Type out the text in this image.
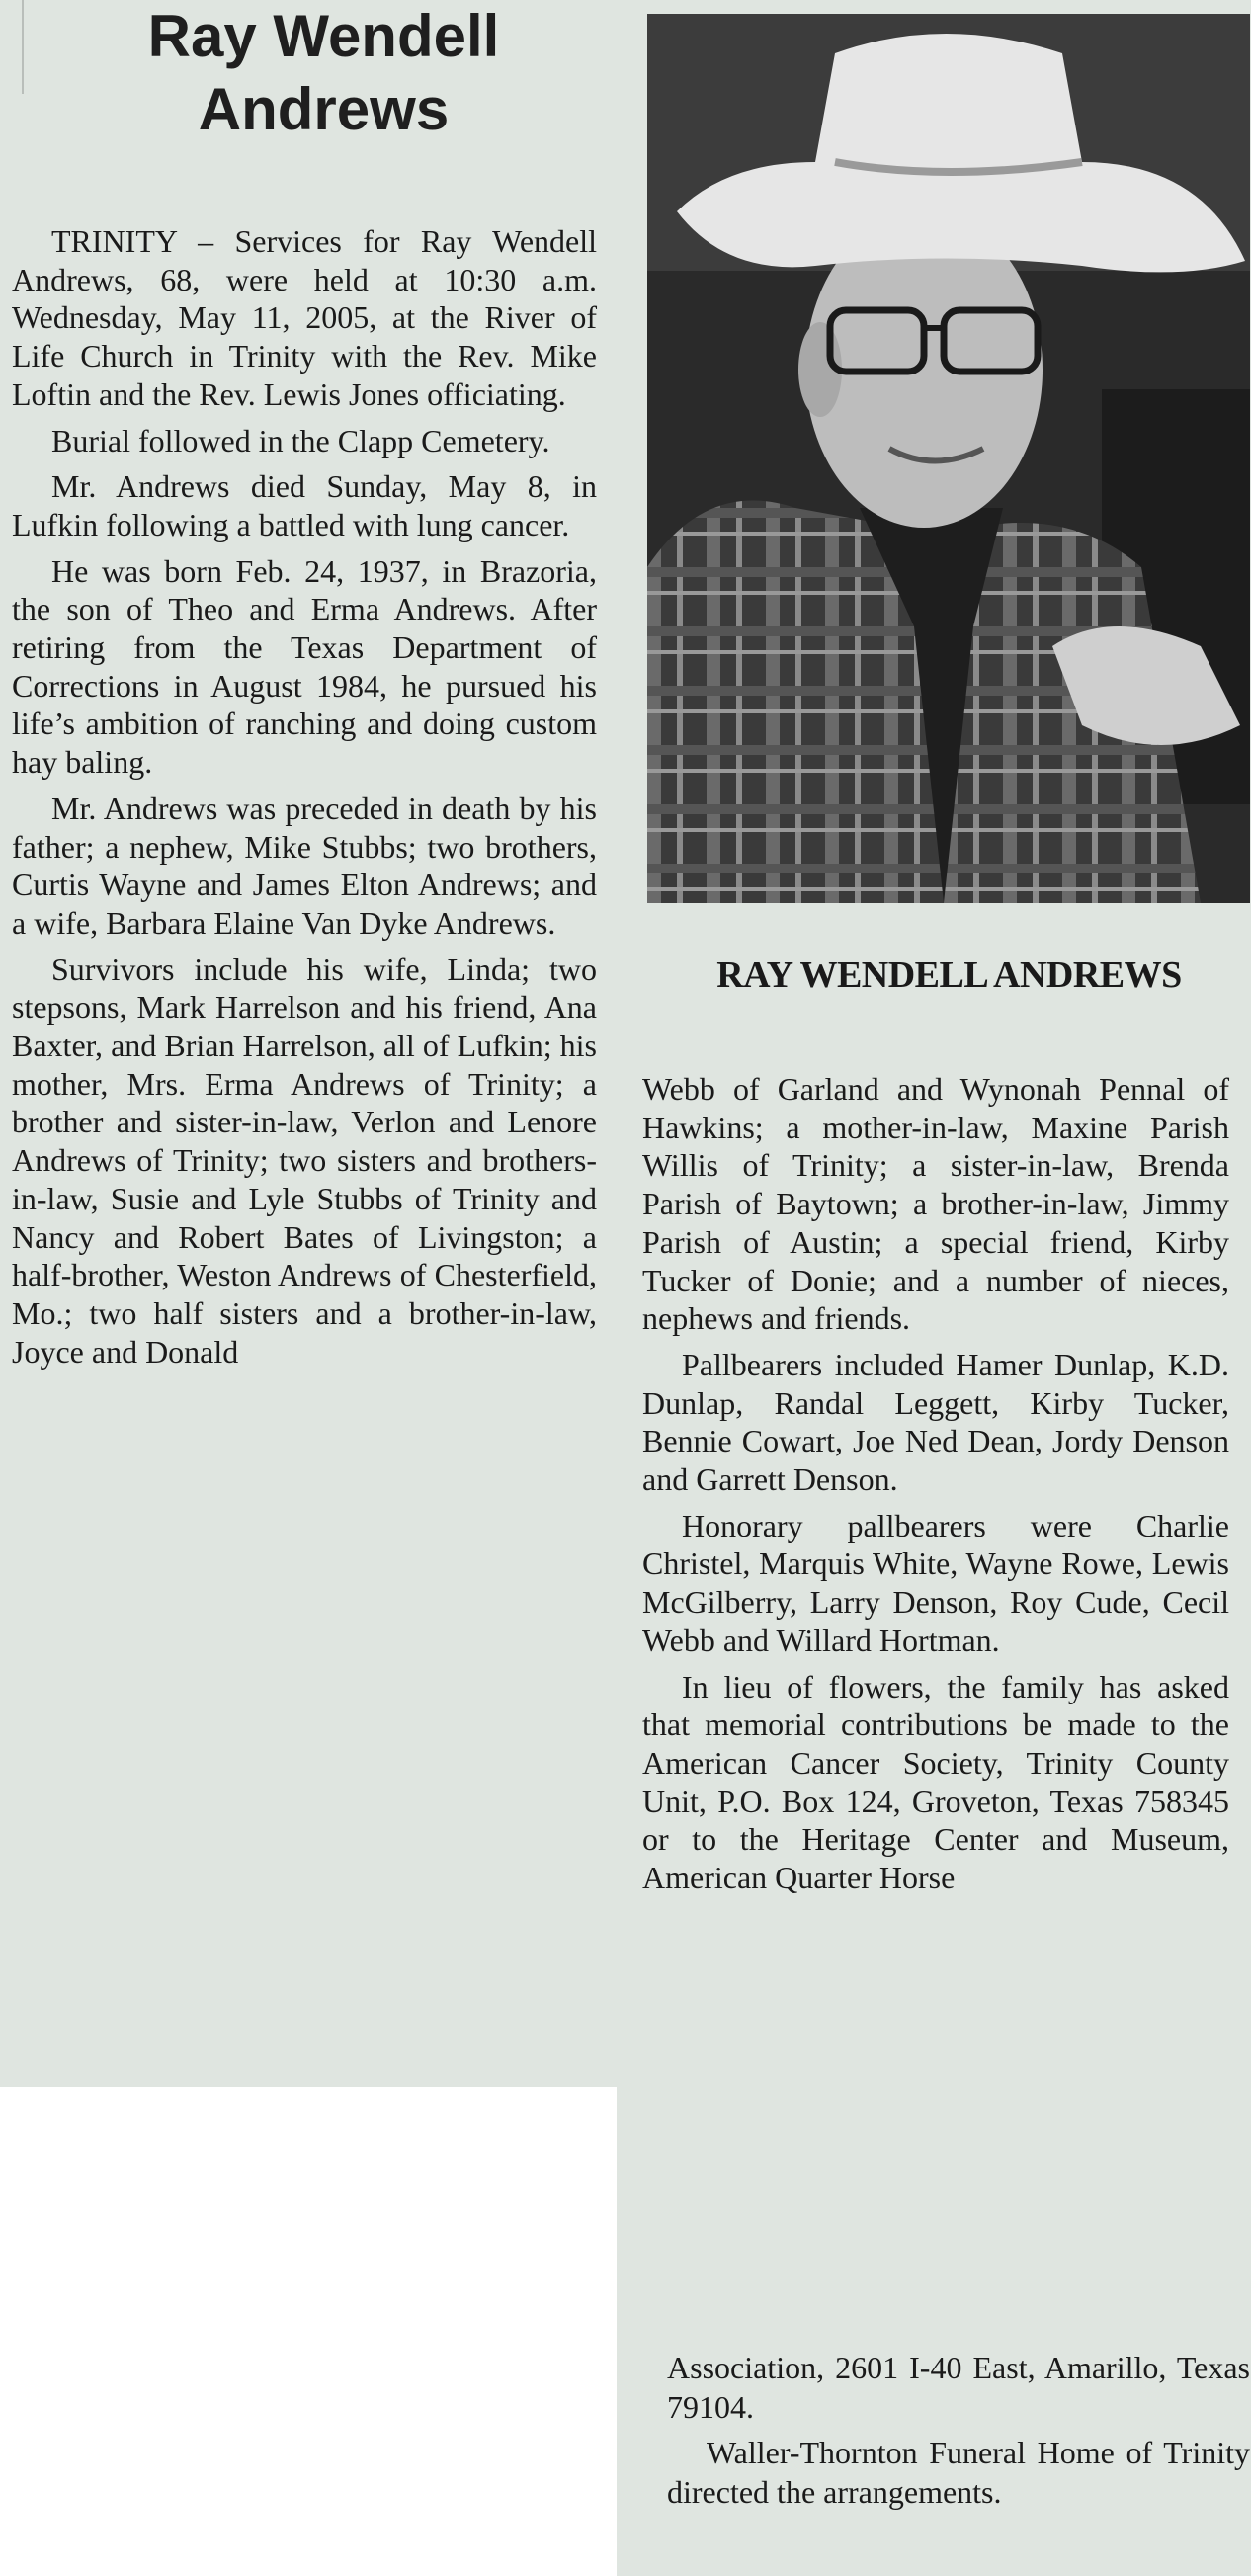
Ray Wendell
Andrews

TRINITY – Services for Ray Wendell Andrews, 68, were held at 10:30 a.m. Wednesday, May 11, 2005, at the River of Life Church in Trinity with the Rev. Mike Loftin and the Rev. Lewis Jones officiating.

Burial followed in the Clapp Cemetery.

Mr. Andrews died Sunday, May 8, in Lufkin following a battled with lung cancer.

He was born Feb. 24, 1937, in Brazoria, the son of Theo and Erma Andrews. After retiring from the Texas Department of Corrections in August 1984, he pursued his life’s ambition of ranching and doing custom hay baling.

Mr. Andrews was preceded in death by his father; a nephew, Mike Stubbs; two brothers, Curtis Wayne and James Elton Andrews; and a wife, Barbara Elaine Van Dyke Andrews.

Survivors include his wife, Linda; two stepsons, Mark Harrelson and his friend, Ana Baxter, and Brian Harrelson, all of Lufkin; his mother, Mrs. Erma Andrews of Trinity; a brother and sister-in-law, Verlon and Lenore Andrews of Trinity; two sisters and brothers-in-law, Susie and Lyle Stubbs of Trinity and Nancy and Robert Bates of Livingston; a half-brother, Weston Andrews of Chesterfield, Mo.; two half sisters and a brother-in-law, Joyce and Donald

RAY WENDELL ANDREWS

Webb of Garland and Wynonah Pennal of Hawkins; a mother-in-law, Maxine Parish Willis of Trinity; a sister-in-law, Brenda Parish of Baytown; a brother-in-law, Jimmy Parish of Austin; a special friend, Kirby Tucker of Donie; and a number of nieces, nephews and friends.

Pallbearers included Hamer Dunlap, K.D. Dunlap, Randal Leggett, Kirby Tucker, Bennie Cowart, Joe Ned Dean, Jordy Denson and Garrett Denson.

Honorary pallbearers were Charlie Christel, Marquis White, Wayne Rowe, Lewis McGilberry, Larry Denson, Roy Cude, Cecil Webb and Willard Hortman.

In lieu of flowers, the family has asked that memorial contributions be made to the American Cancer Society, Trinity County Unit, P.O. Box 124, Groveton, Texas 758345 or to the Heritage Center and Museum, American Quarter Horse

Association, 2601 I-40 East, Amarillo, Texas 79104.

Waller-Thornton Funeral Home of Trinity directed the arrangements.
